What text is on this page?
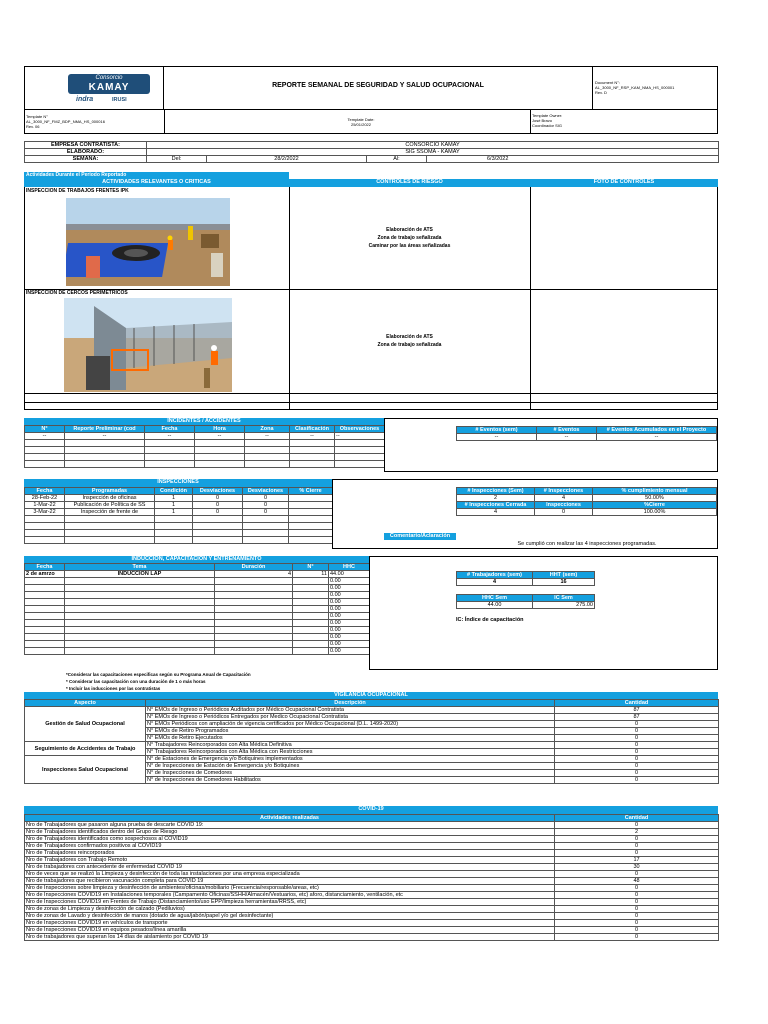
Consorcio
KAMAY
indra	IRUSI
REPORTE SEMANAL DE SEGURIDAD Y SALUD OCUPACIONAL	Document N°:
AL_3000_NF_RSP_KAM_NMA_HS_000001
Rev. D
Template N°
AL_3000_NF_FMZ_BDP_NMA_HS_000016
Rev. 06
Template Date:
25/01/2022
Template Owner:
José Bravo
Coordinador SIG
EMPRESA CONTRATISTA:	CONSORCIO KAMAY			
ELABORADO:	SIG SSOMA - KAMAY			
SEMANA:	Del:	28/2/2022	Al:	6/3/2022
Actividades Durante el Periodo Reportado
ACTIVIDADES RELEVANTES O CRITICAS	CONTROLES DE RIESGO	FOTO DE CONTROLES
INSPECCION DE TRABAJOS FRENTES IPK
Elaboración de ATS
Zona de trabajo señalizada
Caminar por las áreas señalizadas
INSPECCION DE CERCOS PERIMETRICOS
Elaboración de ATS
Zona de trabajo señalizada
INCIDENTES / ACCIDENTES
N°	Reporte Preliminar (cod	Fecha	Hora	Zona	Clasificación	Observaciones
--	--	--	--	--	--	--

# Eventos (sem)	# Eventos	# Eventos Acumulados en el Proyecto
--	--	--
INSPECCIONES
Fecha	Programadas	Condición	Desviaciones	Desviaciones	% Cierre
28-Feb-22	Inspección de oficinas	1	0	0	
1-Mar-22	Publicación de Política de SS	1	0	0	
3-Mar-22	Inspección de frente de	1	0	0	

# Inspecciones (Sem)	# Inspecciones	% cumplimiento mensual
2	4	50.00%
# Inspecciones Cerrada	Inspecciones	%Cierre
4	0	100.00%
Comentario/Aclaración
Se cumplió con realizar las 4 inspecciones programadas.
INDUCCION, CAPACITACION Y ENTRENAMIENTO
Fecha	Tema	Duración	N°	HHC
2 de amrzo	INDUCCIÓN LAP	4	11	44.00
				0.00
				0.00
				0.00
				0.00
				0.00
				0.00
				0.00
				0.00
				0.00
				0.00
				0.00
# Trabajadores (sem)	HHT (sem)
4	16
HHC Sem	IC Sem
44.00	275.00
IC: Índice de capacitación
*Considerar las capacitaciones especificas según su Programa Anual de Capacitación
* Considerar las capacitación con una duración de 1 o más horas
* Incluir las inducciones por las contratistas
VIGILANCIA OCUPACIONAL
Aspecto	Descripción	Cantidad
Gestión de Salud Ocupacional	N° EMOs de Ingreso o Periódicos Auditados por Médico Ocupacional Contratista	87
	N° EMOs de Ingreso o Periódicos Entregados por Medico Ocupacional Contratista	87
	N° EMOs Periódicos con ampliación de vigencia certificados por Médico Ocupacional (D.L. 1499-2020)	0
	N° EMOs de Retiro Programados	0
	N° EMOs de Retiro Ejecutados	0
Seguimiento de Accidentes de Trabajo	N° Trabajadores Reincorporados con Alta Médica Definitiva	0
	N° Trabajadores Reincorporados con Alta Médica con Restricciones	0
Inspecciones Salud Ocupacional	N° de Estaciones de Emergencia y/o Botiquines implementados	0
	N° de Inspecciones de Estación de Emergencia y/o Botiquines	0
	N° de Inspecciones de Comedores	0
	N° de Inspecciones de Comedores Habilitados	0
COVID-19
Actividades realizadas	Cantidad
Nro de Trabajadores que pasaron alguna prueba de descarte COVID 19:	0
Nro de Trabajadores identificados dentro del Grupo de Riesgo	2
Nro de Trabajadores identificados como sospechosos al COVID19	0
Nro de Trabajadores confirmados positivos al COVID19	0
Nro de Trabajadores reincorporados	0
Nro de Trabajadores con Trabajo Remoto	17
Nro de trabajadores con antecedente de enfermedad COVID 19	30
Nro de veces que se realizó la Limpieza y desinfección de toda las instalaciones por una empresa especializada	0
Nro de trabajadores que recibieron vacunación completa para COVID 19	48
Nro de Inspecciones sobre limpieza y desinfección de ambientes/oficinas/mobiliario (Frecuencia/responsable/areas, etc)	0
Nro de Inspecciones COVID19 en Instalaciones temporales (Campamento Oficinas/SSHH/Almacén/Vestuarios, etc) aforo, distanciamiento, ventilación, etc	0
Nro de Inspecciones COVID19 en Frentes de Trabajo (Distanciamiento/uso EPP/limpieza herramientas/RRSS, etc)	0
Nro de zonas de Limpieza y desinfección de calzado (Pediluvios)	0
Nro de zonas de Lavado y desinfección de manos (dotado de agua/jabón/papel y/o gel desinfectante)	0
Nro de Inspecciones COVID19 en vehículos de transporte	0
Nro de Inspecciones COVID19 en equipos pesados/línea amarilla	0
Nro de trabajadores que superan los 14 días de aislamiento por COVID 19	0
